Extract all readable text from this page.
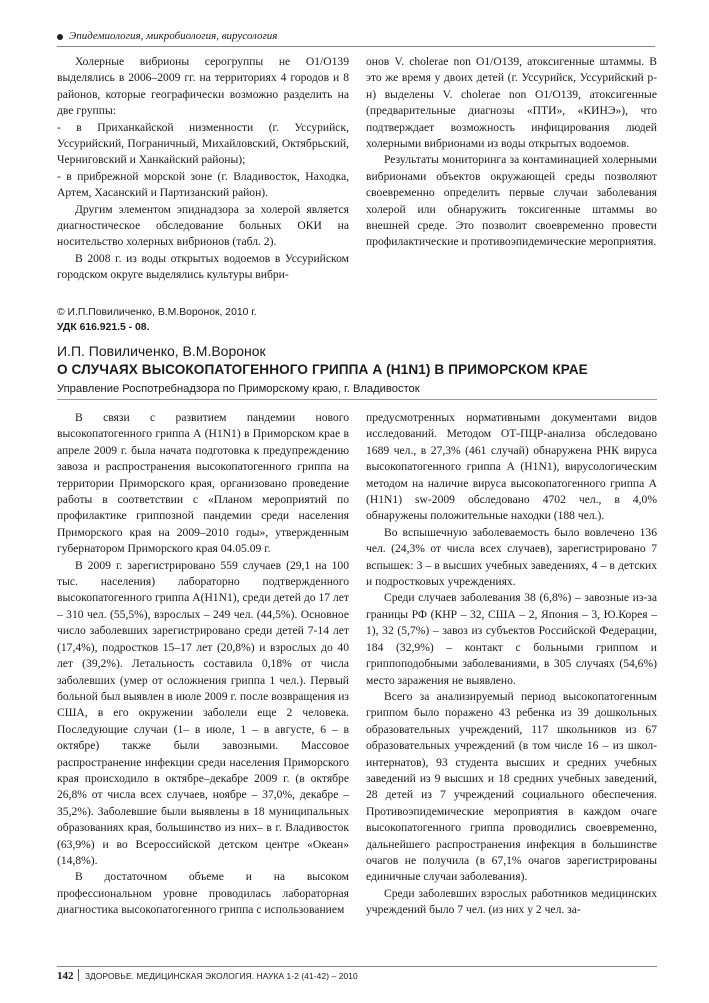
Эпидемиология, микробиология, вирусология

Холерные вибрионы серогруппы не O1/O139 выделялись в 2006–2009 гг. на территориях 4 городов и 8 районов, которые географически возможно разделить на две группы:

- в Приханкайской низменности (г. Уссурийск, Уссурийский, Пограничный, Михайловский, Октябрьский, Черниговский и Ханкайский районы);

- в прибрежной морской зоне (г. Владивосток, Находка, Артем, Хасанский и Партизанский район).

Другим элементом эпиднадзора за холерой является диагностическое обследование больных ОКИ на носительство холерных вибрионов (табл. 2).

В 2008 г. из воды открытых водоемов в Уссурийском городском округе выделялись культуры вибри-

онов V. cholerae non O1/O139, атоксигенные штаммы. В это же время у двоих детей (г. Уссурийск, Уссурийский р-н) выделены V. cholerae non O1/O139, атоксигенные (предварительные диагнозы «ПТИ», «КИНЭ»), что подтверждает возможность инфицирования людей холерными вибрионами из воды открытых водоемов.

Результаты мониторинга за контаминацией холерными вибрионами объектов окружающей среды позволяют своевременно определить первые случаи заболевания холерой или обнаружить токсигенные штаммы во внешней среде. Это позволит своевременно провести профилактические и противоэпидемические мероприятия.

© И.П.Повиличенко, В.М.Воронок, 2010 г.
УДК 616.921.5 - 08.
И.П. Повиличенко, В.М.Воронок
О СЛУЧАЯХ ВЫСОКОПАТОГЕННОГО ГРИППА А (H1N1) В ПРИМОРСКОМ КРАЕ
Управление Роспотребнадзора по Приморскому краю, г. Владивосток

В связи с развитием пандемии нового высокопатогенного гриппа А (H1N1) в Приморском крае в апреле 2009 г. была начата подготовка к предупреждению завоза и распространения высокопатогенного гриппа на территории Приморского края, организовано проведение работы в соответствии с «Планом мероприятий по профилактике гриппозной пандемии среди населения Приморского края на 2009–2010 годы», утвержденным губернатором Приморского края 04.05.09 г.

В 2009 г. зарегистрировано 559 случаев (29,1 на 100 тыс. населения) лабораторно подтвержденного высокопатогенного гриппа А(H1N1), среди детей до 17 лет – 310 чел. (55,5%), взрослых – 249 чел. (44,5%). Основное число заболевших зарегистрировано среди детей 7-14 лет (17,4%), подростков 15–17 лет (20,8%) и взрослых до 40 лет (39,2%). Летальность составила 0,18% от числа заболевших (умер от осложнения гриппа 1 чел.). Первый больной был выявлен в июле 2009 г. после возвращения из США, в его окружении заболели еще 2 человека. Последующие случаи (1– в июле, 1 – в августе, 6 – в октябре) также были завозными. Массовое распространение инфекции среди населения Приморского края происходило в октябре–декабре 2009 г. (в октябре 26,8% от числа всех случаев, ноябре – 37,0%, декабре – 35,2%). Заболевшие были выявлены в 18 муниципальных образованиях края, большинство из них– в г. Владивосток (63,9%) и во Всероссийской детском центре «Океан» (14,8%).

В достаточном объеме и на высоком профессиональном уровне проводилась лабораторная диагностика высокопатогенного гриппа с использованием

предусмотренных нормативными документами видов исследований. Методом ОТ-ПЦР-анализа обследовано 1689 чел., в 27,3% (461 случай) обнаружена РНК вируса высокопатогенного гриппа А (H1N1), вирусологическим методом на наличие вируса высокопатогенного гриппа А (H1N1) sw-2009 обследовано 4702 чел., в 4,0% обнаружены положительные находки (188 чел.).

Во вспышечную заболеваемость было вовлечено 136 чел. (24,3% от числа всех случаев), зарегистрировано 7 вспышек: 3 – в высших учебных заведениях, 4 – в детских и подростковых учреждениях.

Среди случаев заболевания 38 (6,8%) – завозные из-за границы РФ (КНР – 32, США – 2, Япония – 3, Ю.Корея – 1), 32 (5,7%) – завоз из субъектов Российской Федерации, 184 (32,9%) – контакт с больными гриппом и гриппоподобными заболеваниями, в 305 случаях (54,6%) место заражения не выявлено.

Всего за анализируемый период высокопатогенным гриппом было поражено 43 ребенка из 39 дошкольных образовательных учреждений, 117 школьников из 67 образовательных учреждений (в том числе 16 – из школ-интернатов), 93 студента высших и средних учебных заведений из 9 высших и 18 средних учебных заведений, 28 детей из 7 учреждений социального обеспечения. Противоэпидемические мероприятия в каждом очаге высокопатогенного гриппа проводились своевременно, дальнейшего распространения инфекция в большинстве очагов не получила (в 67,1% очагов зарегистрированы единичные случаи заболевания).

Среди заболевших взрослых работников медицинских учреждений было 7 чел. (из них у 2 чел. за-

142 ЗДОРОВЬЕ. МЕДИЦИНСКАЯ ЭКОЛОГИЯ. НАУКА 1-2 (41-42) – 2010
